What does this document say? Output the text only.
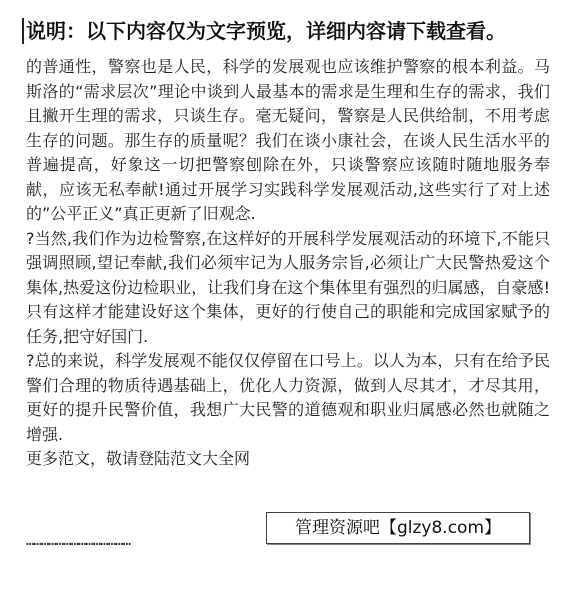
说明：以下内容仅为文字预览，详细内容请下载查看。

的普通性，警察也是人民，科学的发展观也应该维护警察的根本利益。马斯洛的“需求层次”理论中谈到人最基本的需求是生理和生存的需求，我们且撇开生理的需求，只谈生存。毫无疑问，警察是人民供给制，不用考虑生存的问题。那生存的质量呢？我们在谈小康社会，在谈人民生活水平的普遍提高，好象这一切把警察刨除在外，只谈警察应该随时随地服务奉献，应该无私奉献!通过开展学习实践科学发展观活动,这些实行了对上述的”公平正义”真正更新了旧观念.

?当然,我们作为边检警察,在这样好的开展科学发展观活动的环境下,不能只强调照顾,望记奉献,我们必须牢记为人服务宗旨,必须让广大民警热爱这个集体,热爱这份边检职业，让我们身在这个集体里有强烈的归属感，自豪感!只有这样才能建设好这个集体，更好的行使自己的职能和完成国家赋予的任务,把守好国门.

?总的来说，科学发展观不能仅仅停留在口号上。以人为本，只有在给予民警们合理的物质待遇基础上，优化人力资源，做到人尽其才，才尽其用，更好的提升民警价值，我想广大民警的道德观和职业归属感必然也就随之增强.

更多范文，敬请登陆范文大全网

……………………………………
管理资源吧【glzy8.com】
